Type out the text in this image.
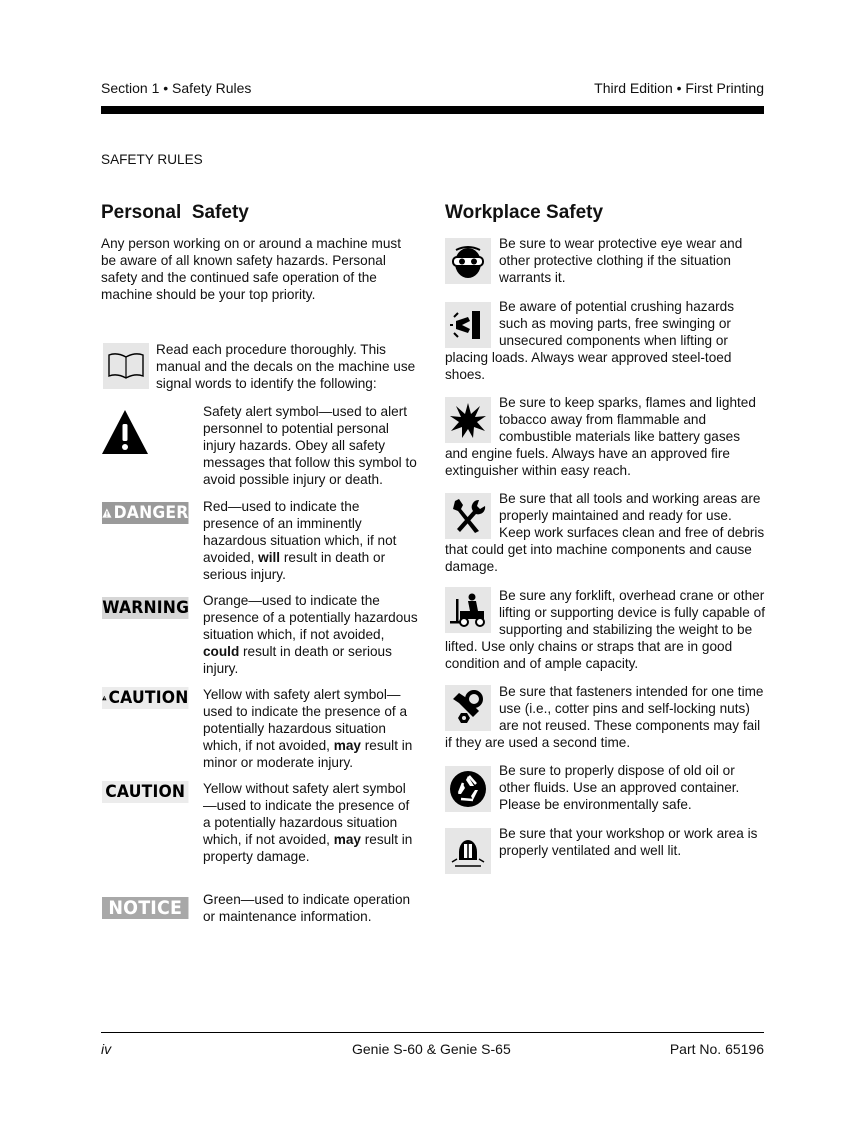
Section 1 • Safety Rules	Third Edition • First Printing
SAFETY RULES
Personal  Safety
Any person working on or around a machine must be aware of all known safety hazards. Personal safety and the continued safe operation of the machine should be your top priority.
Read each procedure thoroughly. This manual and the decals on the machine use signal words to identify the following:
Safety alert symbol—used to alert personnel to potential personal injury hazards. Obey all safety messages that follow this symbol to avoid possible injury or death.
DANGER Red—used to indicate the presence of an imminently hazardous situation which, if not avoided, will result in death or serious injury.
WARNING Orange—used to indicate the presence of a potentially hazardous situation which, if not avoided, could result in death or serious injury.
CAUTION Yellow with safety alert symbol—used to indicate the presence of a potentially hazardous situation which, if not avoided, may result in minor or moderate injury.
CAUTION Yellow without safety alert symbol—used to indicate the presence of a potentially hazardous situation which, if not avoided, may result in property damage.
NOTICE Green—used to indicate operation or maintenance information.
Workplace Safety
Be sure to wear protective eye wear and other protective clothing if the situation warrants it.
Be aware of potential crushing hazards such as moving parts, free swinging or unsecured components when lifting or placing loads. Always wear approved steel-toed shoes.
Be sure to keep sparks, flames and lighted tobacco away from flammable and combustible materials like battery gases and engine fuels. Always have an approved fire extinguisher within easy reach.
Be sure that all tools and working areas are properly maintained and ready for use. Keep work surfaces clean and free of debris that could get into machine components and cause damage.
Be sure any forklift, overhead crane or other lifting or supporting device is fully capable of supporting and stabilizing the weight to be lifted. Use only chains or straps that are in good condition and of ample capacity.
Be sure that fasteners intended for one time use (i.e., cotter pins and self-locking nuts) are not reused. These components may fail if they are used a second time.
Be sure to properly dispose of old oil or other fluids. Use an approved container. Please be environmentally safe.
Be sure that your workshop or work area is properly ventilated and well lit.
iv	Genie S-60 & Genie S-65	Part No. 65196
